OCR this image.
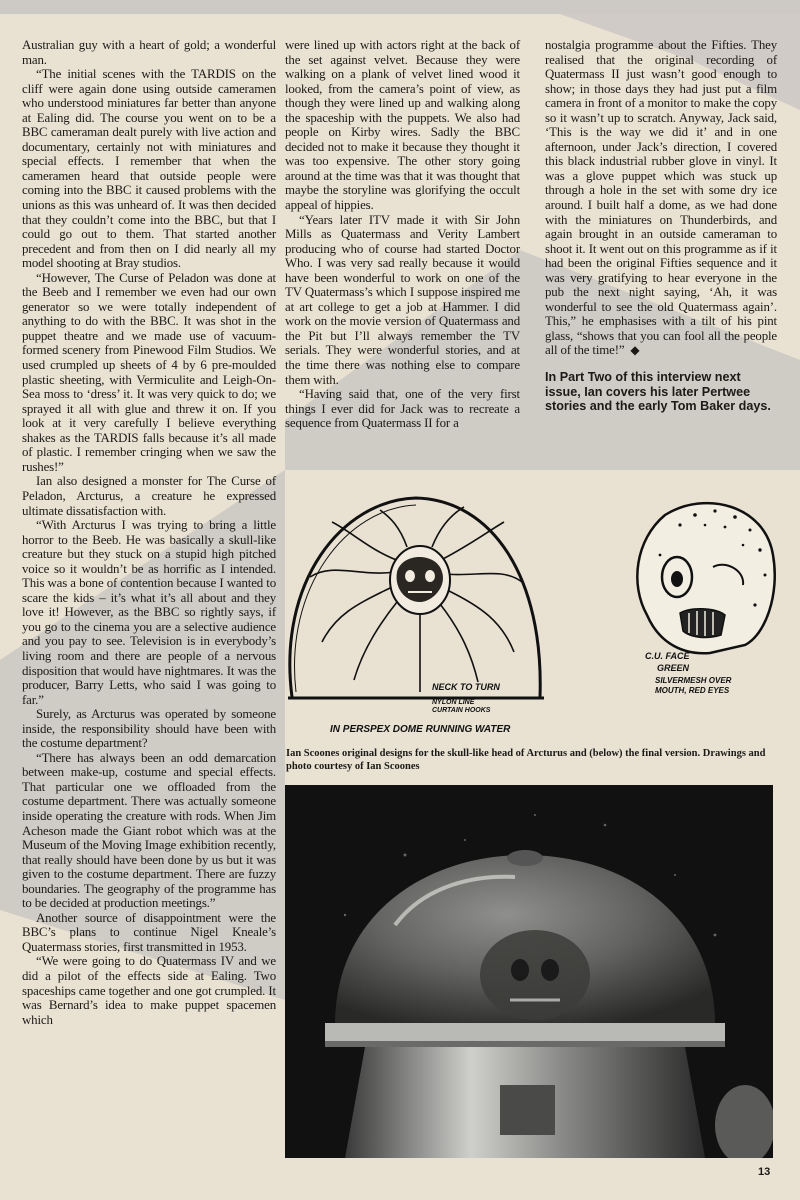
Australian guy with a heart of gold; a wonderful man.

“The initial scenes with the TARDIS on the cliff were again done using outside cameramen who understood miniatures far better than anyone at Ealing did. The course you went on to be a BBC cameraman dealt purely with live action and documentary, certainly not with miniatures and special effects. I remember that when the cameramen heard that outside people were coming into the BBC it caused problems with the unions as this was unheard of. It was then decided that they couldn’t come into the BBC, but that I could go out to them. That started another precedent and from then on I did nearly all my model shooting at Bray studios.

“However, The Curse of Peladon was done at the Beeb and I remember we even had our own generator so we were totally independent of anything to do with the BBC. It was shot in the puppet theatre and we made use of vacuum-formed scenery from Pinewood Film Studios. We used crumpled up sheets of 4 by 6 pre-moulded plastic sheeting, with Vermiculite and Leigh-On-Sea moss to ‘dress’ it. It was very quick to do; we sprayed it all with glue and threw it on. If you look at it very carefully I believe everything shakes as the TARDIS falls because it’s all made of plastic. I remember cringing when we saw the rushes!”

Ian also designed a monster for The Curse of Peladon, Arcturus, a creature he expressed ultimate dissatisfaction with.

“With Arcturus I was trying to bring a little horror to the Beeb. He was basically a skull-like creature but they stuck on a stupid high pitched voice so it wouldn’t be as horrific as I intended. This was a bone of contention because I wanted to scare the kids – it’s what it’s all about and they love it! However, as the BBC so rightly says, if you go to the cinema you are a selective audience and you pay to see. Television is in everybody’s living room and there are people of a nervous disposition that would have nightmares. It was the producer, Barry Letts, who said I was going to far.”

Surely, as Arcturus was operated by someone inside, the responsibility should have been with the costume department?

“There has always been an odd demarcation between make-up, costume and special effects. That particular one we offloaded from the costume department. There was actually someone inside operating the creature with rods. When Jim Acheson made the Giant robot which was at the Museum of the Moving Image exhibition recently, that really should have been done by us but it was given to the costume department. There are fuzzy boundaries. The geography of the programme has to be decided at production meetings.”

Another source of disappointment were the BBC’s plans to continue Nigel Kneale’s Quatermass stories, first transmitted in 1953.

“We were going to do Quatermass IV and we did a pilot of the effects side at Ealing. Two spaceships came together and one got crumpled. It was Bernard’s idea to make puppet spacemen which

were lined up with actors right at the back of the set against velvet. Because they were walking on a plank of velvet lined wood it looked, from the camera’s point of view, as though they were lined up and walking along the spaceship with the puppets. We also had people on Kirby wires. Sadly the BBC decided not to make it because they thought it was too expensive. The other story going around at the time was that it was thought that maybe the storyline was glorifying the occult appeal of hippies.

“Years later ITV made it with Sir John Mills as Quatermass and Verity Lambert producing who of course had started Doctor Who. I was very sad really because it would have been wonderful to work on one of the TV Quatermass’s which I suppose inspired me at art college to get a job at Hammer. I did work on the movie version of Quatermass and the Pit but I’ll always remember the TV serials. They were wonderful stories, and at the time there was nothing else to compare them with.

“Having said that, one of the very first things I ever did for Jack was to recreate a sequence from Quatermass II for a

nostalgia programme about the Fifties. They realised that the original recording of Quatermass II just wasn’t good enough to show; in those days they had just put a film camera in front of a monitor to make the copy so it wasn’t up to scratch. Anyway, Jack said, ‘This is the way we did it’ and in one afternoon, under Jack’s direction, I covered this black industrial rubber glove in vinyl. It was a glove puppet which was stuck up through a hole in the set with some dry ice around. I built half a dome, as we had done with the miniatures on Thunderbirds, and again brought in an outside cameraman to shoot it. It went out on this programme as if it had been the original Fifties sequence and it was very gratifying to hear everyone in the pub the next night saying, ‘Ah, it was wonderful to see the old Quatermass again’. This,” he emphasises with a tilt of his pint glass, “shows that you can fool all the people all of the time!” ◆

In Part Two of this interview next issue, Ian covers his later Pertwee stories and the early Tom Baker days.
NECK TO TURN
NYLON LINE
CURTAIN HOOKS
IN PERSPEX DOME RUNNING WATER
C.U. FACE
GREEN
SILVERMESH OVER
MOUTH, RED EYES
Ian Scoones original designs for the skull-like head of Arcturus and (below) the final version. Drawings and photo courtesy of Ian Scoones
13
